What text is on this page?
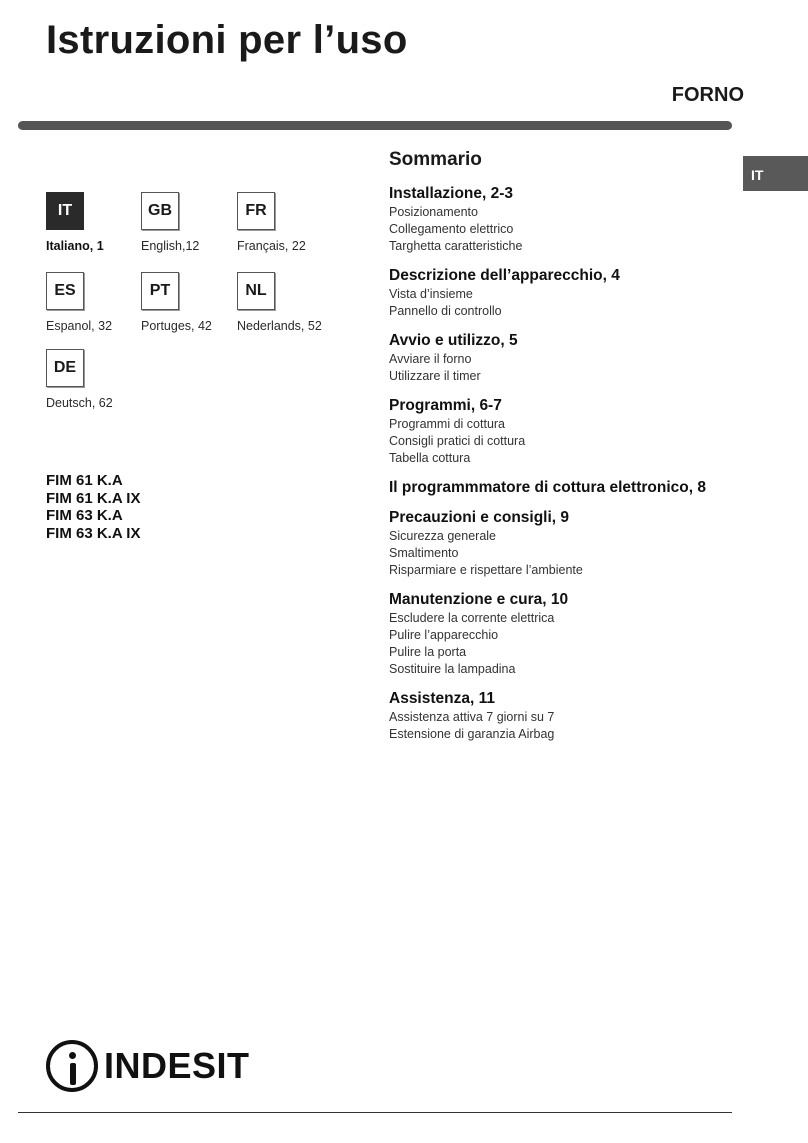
Istruzioni per l’uso
FORNO
IT
IT
Italiano, 1
GB
English,12
FR
Français, 22
ES
Espanol, 32
PT
Portuges, 42
NL
Nederlands, 52
DE
Deutsch, 62
FIM 61 K.A
FIM 61 K.A IX
FIM 63 K.A
FIM 63 K.A IX
Sommario
Installazione, 2-3
Posizionamento
Collegamento elettrico
Targhetta caratteristiche
Descrizione dell’apparecchio, 4
Vista d’insieme
Pannello di controllo
Avvio e utilizzo, 5
Avviare il forno
Utilizzare il timer
Programmi, 6-7
Programmi di cottura
Consigli pratici di cottura
Tabella cottura
Il programmmatore di cottura elettronico, 8
Precauzioni e consigli, 9
Sicurezza generale
Smaltimento
Risparmiare e rispettare l’ambiente
Manutenzione e cura, 10
Escludere la corrente elettrica
Pulire l’apparecchio
Pulire la porta
Sostituire la lampadina
Assistenza, 11
Assistenza attiva 7 giorni su 7
Estensione di garanzia Airbag
INDESIT
